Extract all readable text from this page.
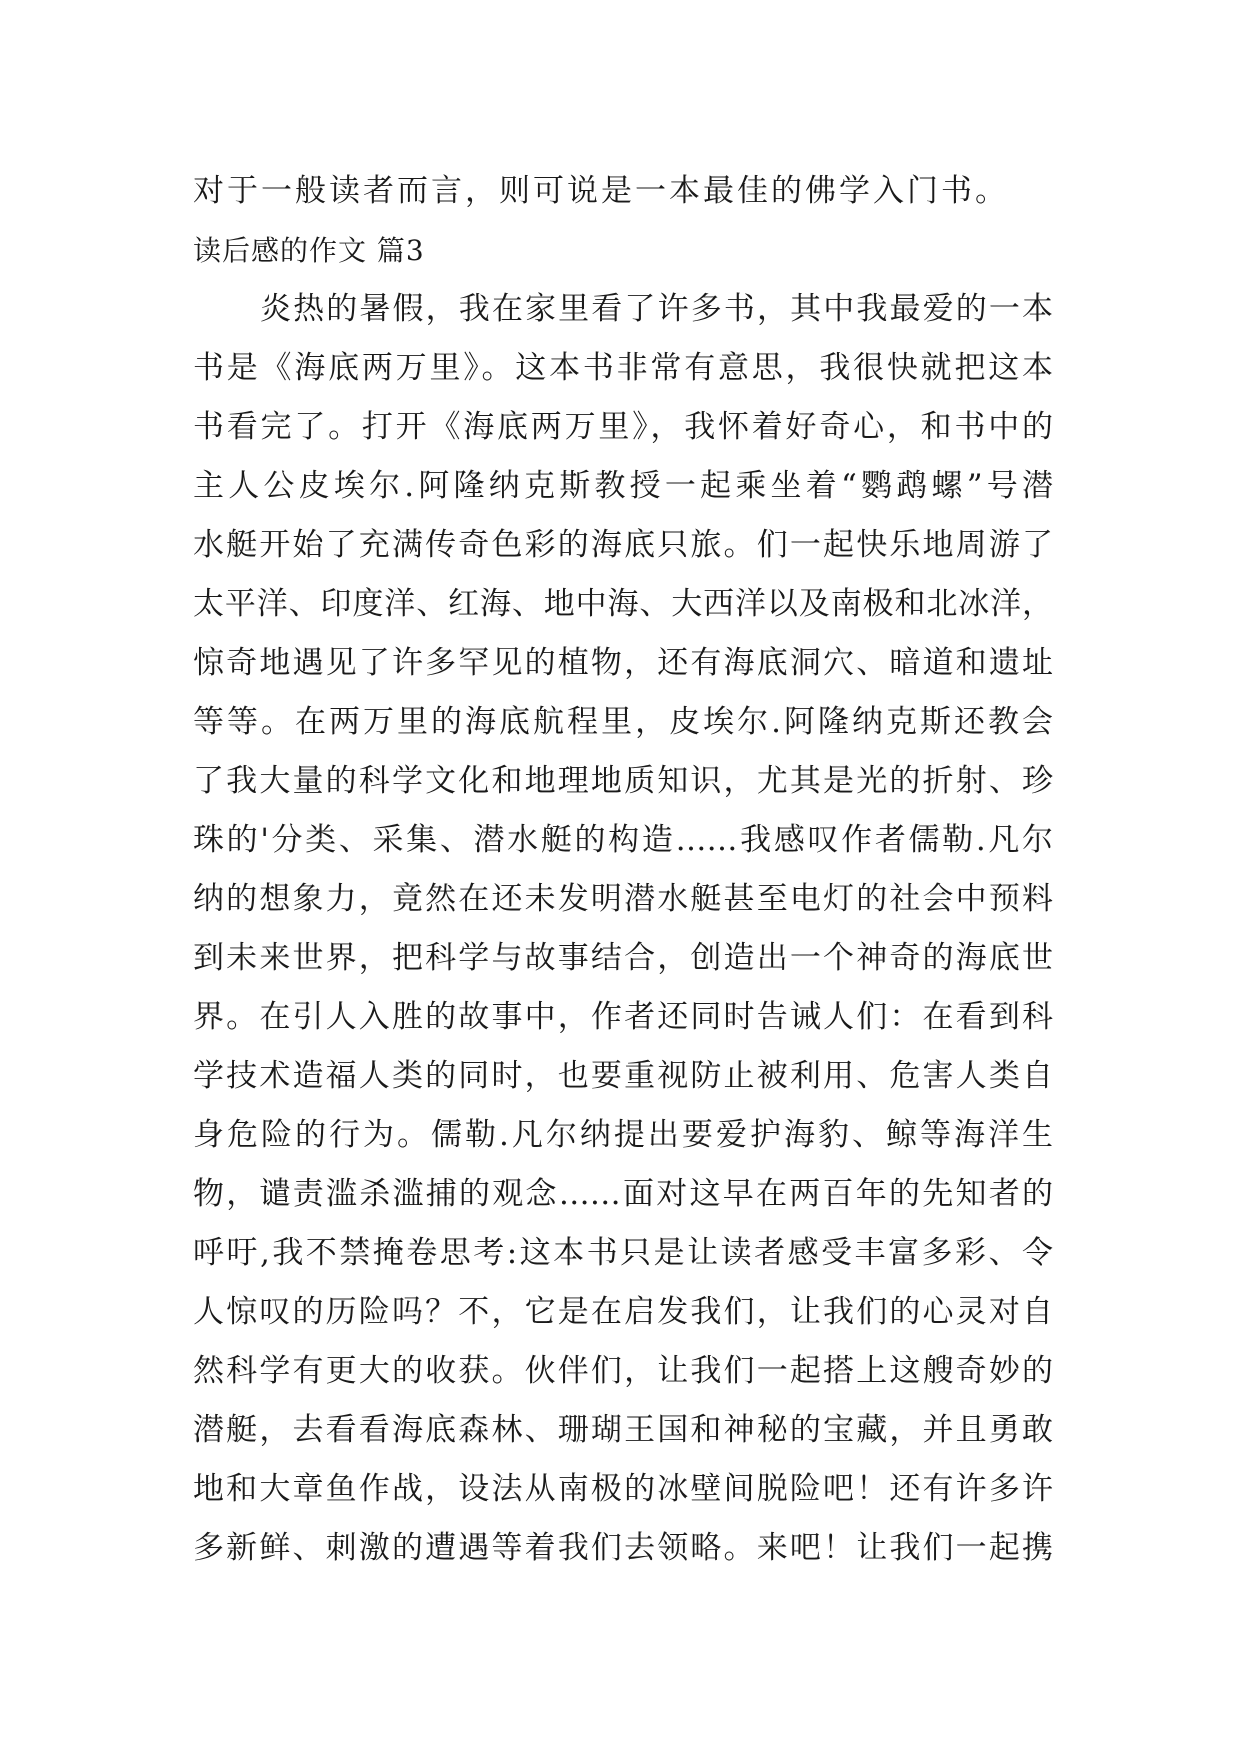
对于一般读者而言，则可说是一本最佳的佛学入门书。
读后感的作文 篇3
炎热的暑假，我在家里看了许多书，其中我最爱的一本
书是《海底两万里》。这本书非常有意思，我很快就把这本
书看完了。打开《海底两万里》，我怀着好奇心，和书中的
主人公皮埃尔.阿隆纳克斯教授一起乘坐着“鹦鹉螺”号潜
水艇开始了充满传奇色彩的海底只旅。们一起快乐地周游了
太平洋、印度洋、红海、地中海、大西洋以及南极和北冰洋，
惊奇地遇见了许多罕见的植物，还有海底洞穴、暗道和遗址
等等。在两万里的海底航程里，皮埃尔.阿隆纳克斯还教会
了我大量的科学文化和地理地质知识，尤其是光的折射、珍
珠的'分类、采集、潜水艇的构造……我感叹作者儒勒.凡尔
纳的想象力，竟然在还未发明潜水艇甚至电灯的社会中预料
到未来世界，把科学与故事结合，创造出一个神奇的海底世
界。在引人入胜的故事中，作者还同时告诫人们：在看到科
学技术造福人类的同时，也要重视防止被利用、危害人类自
身危险的行为。儒勒.凡尔纳提出要爱护海豹、鲸等海洋生
物，谴责滥杀滥捕的观念……面对这早在两百年的先知者的
呼吁,我不禁掩卷思考:这本书只是让读者感受丰富多彩、令
人惊叹的历险吗？不，它是在启发我们，让我们的心灵对自
然科学有更大的收获。伙伴们，让我们一起搭上这艘奇妙的
潜艇，去看看海底森林、珊瑚王国和神秘的宝藏，并且勇敢
地和大章鱼作战，设法从南极的冰壁间脱险吧！还有许多许
多新鲜、刺激的遭遇等着我们去领略。来吧！让我们一起携
